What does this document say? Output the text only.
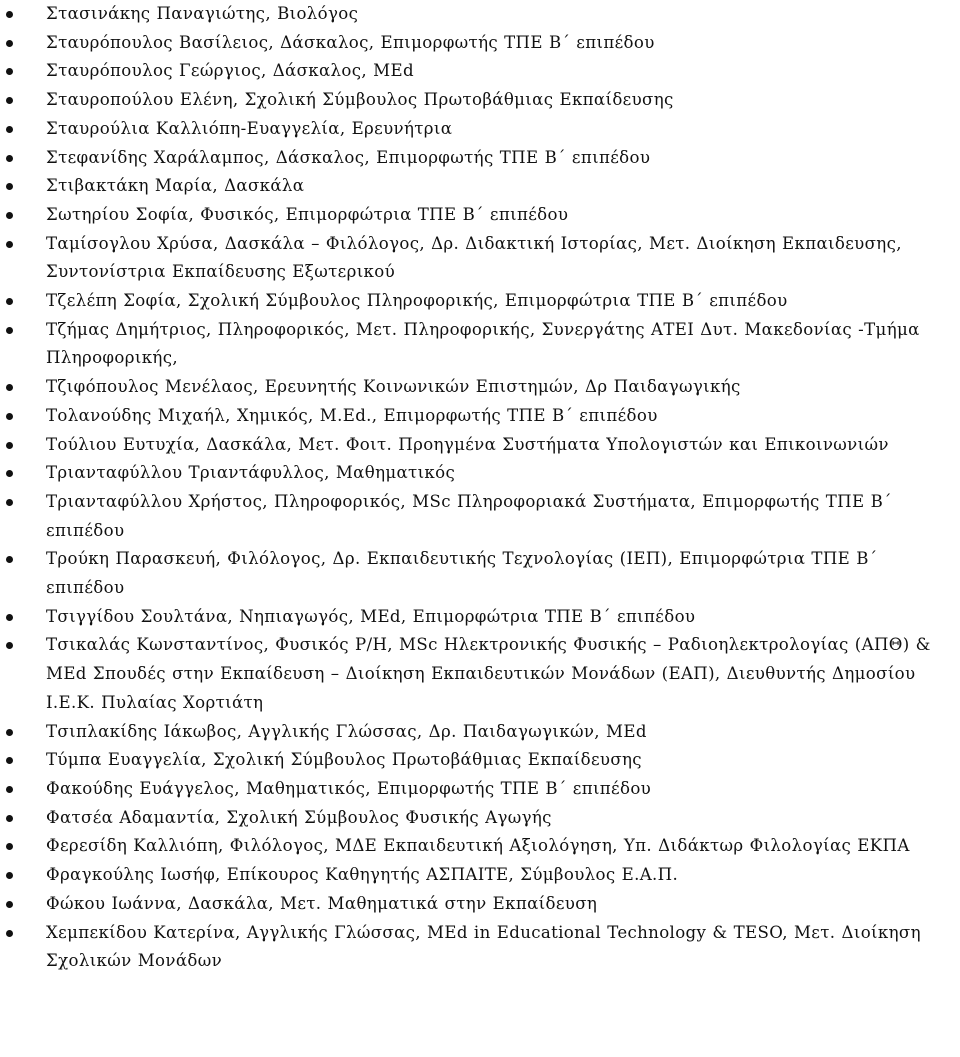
Στασινάκης Παναγιώτης, Βιολόγος
Σταυρόπουλος Βασίλειος, Δάσκαλος, Επιμορφωτής ΤΠΕ Β΄ επιπέδου
Σταυρόπουλος Γεώργιος, Δάσκαλος, MEd
Σταυροπούλου Ελένη, Σχολική Σύμβουλος Πρωτοβάθμιας Εκπαίδευσης
Σταυρούλια Καλλιόπη-Ευαγγελία, Ερευνήτρια
Στεφανίδης Χαράλαμπος, Δάσκαλος, Επιμορφωτής ΤΠΕ Β΄ επιπέδου
Στιβακτάκη Μαρία, Δασκάλα
Σωτηρίου Σοφία, Φυσικός, Επιμορφώτρια ΤΠΕ Β΄ επιπέδου
Ταμίσογλου Χρύσα, Δασκάλα – Φιλόλογος, Δρ. Διδακτική Ιστορίας, Μετ. Διοίκηση Εκπαιδευσης, Συντονίστρια Εκπαίδευσης Εξωτερικού
Τζελέπη Σοφία, Σχολική Σύμβουλος Πληροφορικής, Επιμορφώτρια ΤΠΕ Β΄ επιπέδου
Τζήμας Δημήτριος, Πληροφορικός, Μετ. Πληροφορικής, Συνεργάτης ΑΤΕΙ Δυτ. Μακεδονίας -Τμήμα Πληροφορικής,
Τζιφόπουλος Μενέλαος, Ερευνητής Κοινωνικών Επιστημών, Δρ Παιδαγωγικής
Τολανούδης Μιχαήλ, Χημικός, M.Ed., Επιμορφωτής ΤΠΕ Β΄ επιπέδου
Τούλιου Ευτυχία, Δασκάλα, Μετ. Φοιτ. Προηγμένα Συστήματα Υπολογιστών και Επικοινωνιών
Τριανταφύλλου Τριαντάφυλλος, Μαθηματικός
Τριανταφύλλου Χρήστος, Πληροφορικός, MSc Πληροφοριακά Συστήματα, Επιμορφωτής ΤΠΕ Β΄ επιπέδου
Τρούκη Παρασκευή, Φιλόλογος, Δρ. Εκπαιδευτικής Τεχνολογίας (ΙΕΠ), Επιμορφώτρια ΤΠΕ Β΄ επιπέδου
Τσιγγίδου Σουλτάνα, Νηπιαγωγός, MEd, Επιμορφώτρια ΤΠΕ Β΄ επιπέδου
Τσικαλάς Κωνσταντίνος, Φυσικός Ρ/Η, MSc Ηλεκτρονικής Φυσικής – Ραδιοηλεκτρολογίας (ΑΠΘ) & MEd Σπουδές στην Εκπαίδευση – Διοίκηση Εκπαιδευτικών Μονάδων (ΕΑΠ), Διευθυντής Δημοσίου Ι.Ε.Κ. Πυλαίας Χορτιάτη
Τσιπλακίδης Ιάκωβος, Αγγλικής Γλώσσας, Δρ. Παιδαγωγικών, MEd
Τύμπα Ευαγγελία, Σχολική Σύμβουλος Πρωτοβάθμιας Εκπαίδευσης
Φακούδης Ευάγγελος, Μαθηματικός, Επιμορφωτής ΤΠΕ Β΄ επιπέδου
Φατσέα Αδαμαντία, Σχολική Σύμβουλος Φυσικής Αγωγής
Φερεσίδη Καλλιόπη, Φιλόλογος, ΜΔΕ Εκπαιδευτική Αξιολόγηση, Υπ. Διδάκτωρ Φιλολογίας ΕΚΠΑ
Φραγκούλης Ιωσήφ, Επίκουρος Καθηγητής ΑΣΠΑΙΤΕ, Σύμβουλος Ε.Α.Π.
Φώκου Ιωάννα, Δασκάλα, Μετ. Μαθηματικά στην Εκπαίδευση
Χεμπεκίδου Κατερίνα, Αγγλικής Γλώσσας, MEd in Educational Technology & TESO, Μετ. Διοίκηση Σχολικών Μονάδων
